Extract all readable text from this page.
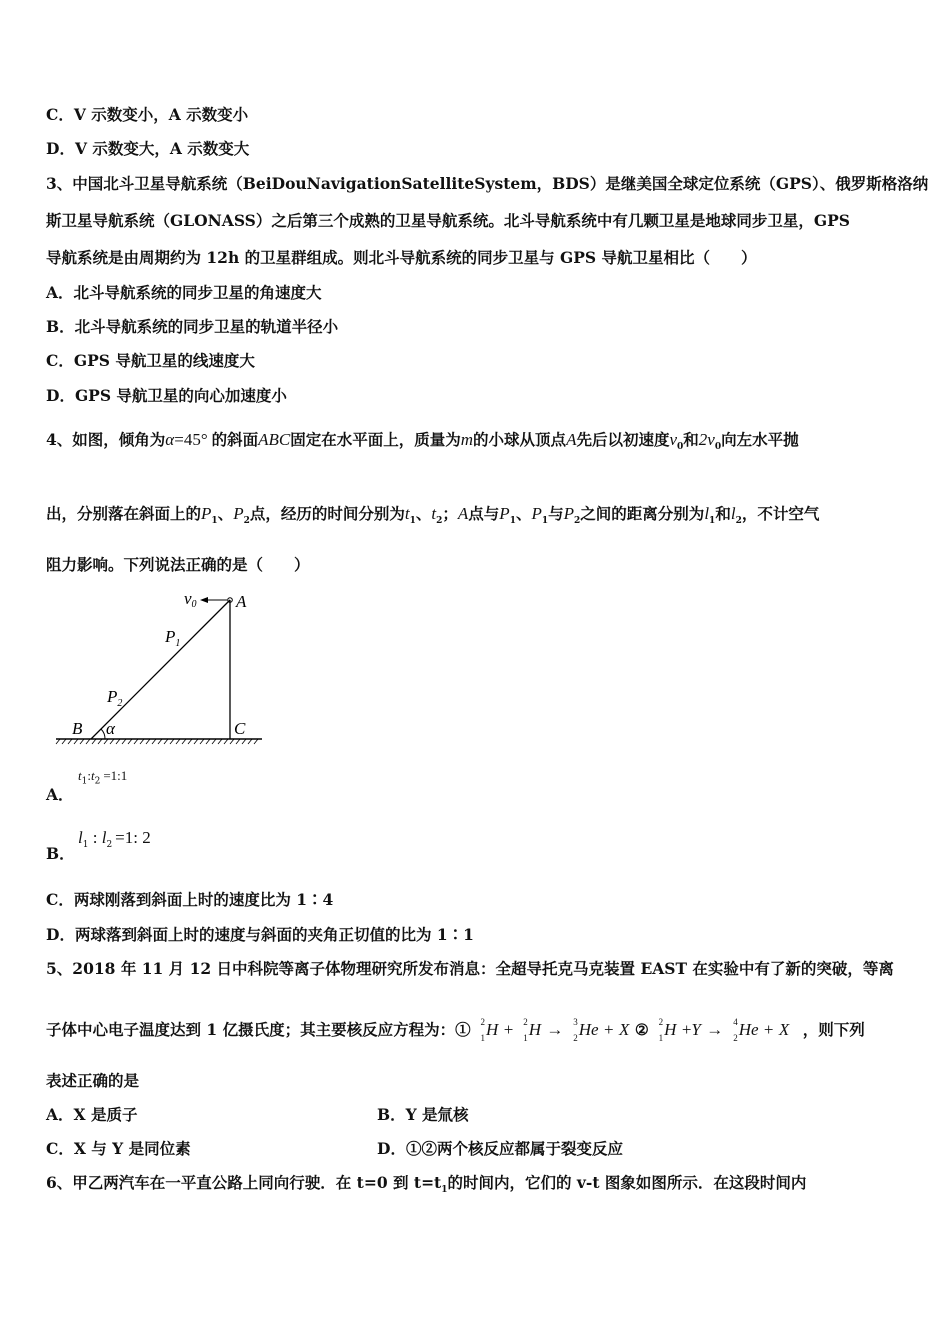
C．V 示数变小，A 示数变小
D．V 示数变大，A 示数变大
3、中国北斗卫星导航系统（BeiDouNavigationSatelliteSystem，BDS）是继美国全球定位系统（GPS）、俄罗斯格洛纳
斯卫星导航系统（GLONASS）之后第三个成熟的卫星导航系统。北斗导航系统中有几颗卫星是地球同步卫星，GPS
导航系统是由周期约为 12h 的卫星群组成。则北斗导航系统的同步卫星与 GPS 导航卫星相比（　　）
A．北斗导航系统的同步卫星的角速度大
B．北斗导航系统的同步卫星的轨道半径小
C．GPS 导航卫星的线速度大
D．GPS 导航卫星的向心加速度小
4、如图，倾角为α=45° 的斜面ABC固定在水平面上，质量为m的小球从顶点A先后以初速度$v_0$和$2v_0$向左水平抛
出，分别落在斜面上的$P_1$、$P_2$点，经历的时间分别为$t_1$、$t_2$；A点与$P_1$、$P_1$与$P_2$之间的距离分别为$l_1$和$l_2$，不计空气
阻力影响。下列说法正确的是（　　）
v0 A
$P_1$
$P_2$
B α	C
A．
$t_1:t_2$ =1:1
B．
$l_1$ : $l_2 =1$: 2
C．两球刚落到斜面上时的速度比为 1∶4
D．两球落到斜面上时的速度与斜面的夹角正切值的比为 1∶1
5、2018 年 11 月 12 日中科院等离子体物理研究所发布消息：全超导托克马克装置 EAST 在实验中有了新的突破，等离
子体中心电子温度达到 1 亿摄氏度；其主要核反应方程为：① 2
1 H + 2
1 H → 3
2 He + X ② 2
1 H +Y → 4
2 He + X ，则下列
表述正确的是
A．X 是质子	B．Y 是氚核
C．X 与 Y 是同位素	D．①②两个核反应都属于裂变反应
6、甲乙两汽车在一平直公路上同向行驶．在 t=0 到 $t=t_1$的时间内，它们的 v-t 图象如图所示．在这段时间内
